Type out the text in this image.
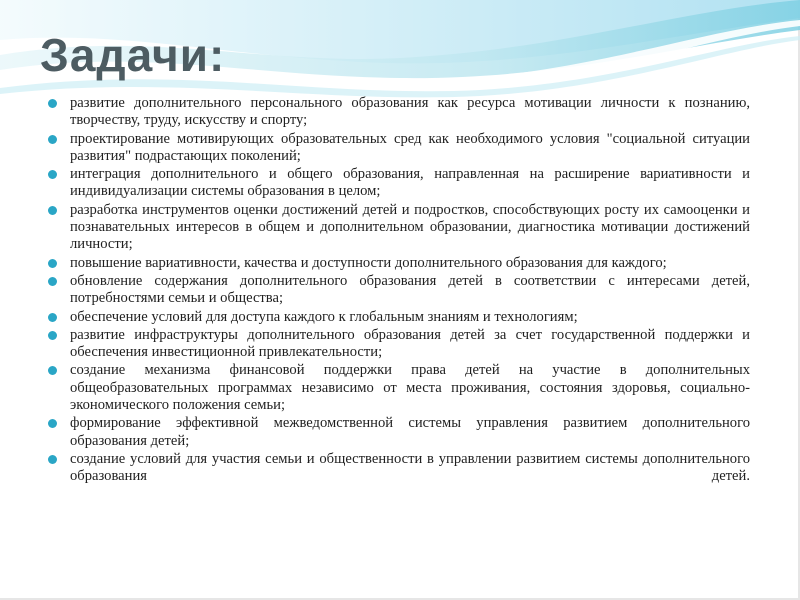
Задачи:
развитие дополнительного персонального образования как ресурса мотивации личности к познанию, творчеству, труду, искусству и спорту;
проектирование мотивирующих образовательных сред как необходимого условия "социальной ситуации развития" подрастающих поколений;
интеграция дополнительного и общего образования, направленная на расширение вариативности и индивидуализации системы образования в целом;
разработка инструментов оценки достижений детей и подростков, способствующих росту их самооценки и познавательных интересов в общем и дополнительном образовании, диагностика мотивации достижений личности;
повышение вариативности, качества и доступности дополнительного образования для каждого;
обновление содержания дополнительного образования детей в соответствии с интересами детей, потребностями семьи и общества;
обеспечение условий для доступа каждого к глобальным знаниям и технологиям;
развитие инфраструктуры дополнительного образования детей за счет государственной поддержки и обеспечения инвестиционной привлекательности;
создание механизма финансовой поддержки права детей на участие в дополнительных общеобразовательных программах независимо от места проживания, состояния здоровья, социально-экономического положения семьи;
формирование эффективной межведомственной системы управления развитием дополнительного образования детей;
создание условий для участия семьи и общественности в управлении развитием системы дополнительного образования детей.
